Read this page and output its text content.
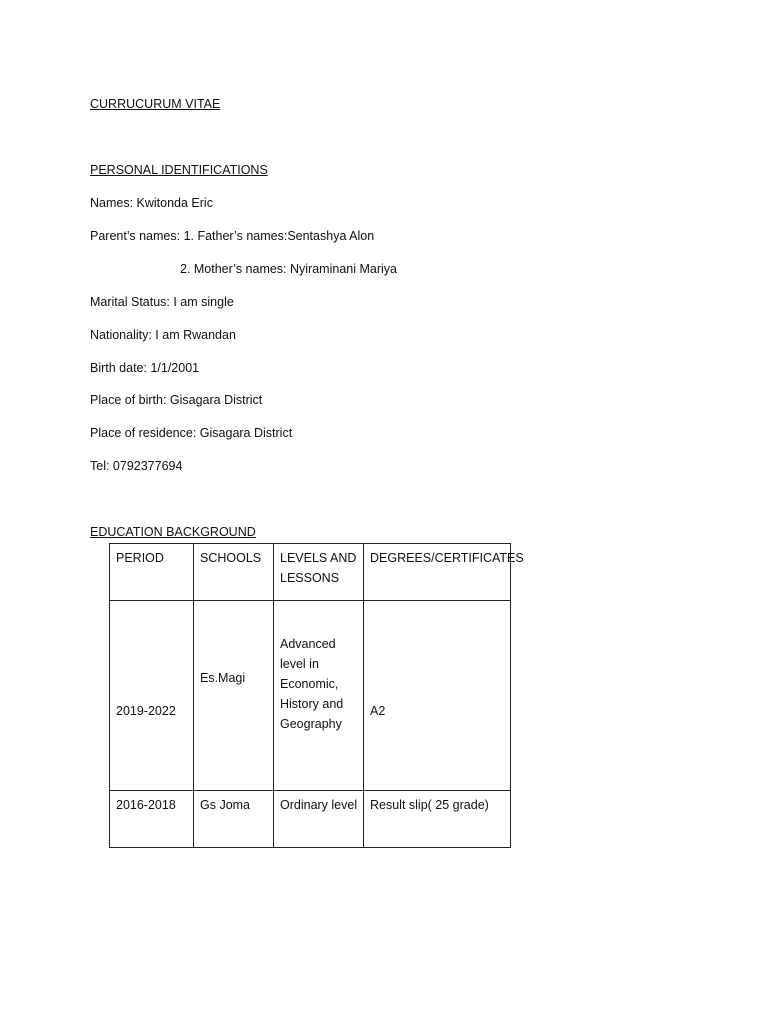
CURRUCURUM VITAE
PERSONAL IDENTIFICATIONS
Names: Kwitonda Eric
Parent’s names: 1. Father’s names:Sentashya Alon
2. Mother’s names: Nyiraminani Mariya
Marital Status: I am single
Nationality: I am Rwandan
Birth date: 1/1/2001
Place of birth: Gisagara District
Place of residence: Gisagara District
Tel: 0792377694
EDUCATION BACKGROUND
PERIOD	SCHOOLS	LEVELS AND LESSONS	DEGREES/CERTIFICATES
2019-2022	Es.Magi	Advanced level in Economic, History and Geography	A2
2016-2018	Gs Joma	Ordinary level	Result slip( 25 grade)
